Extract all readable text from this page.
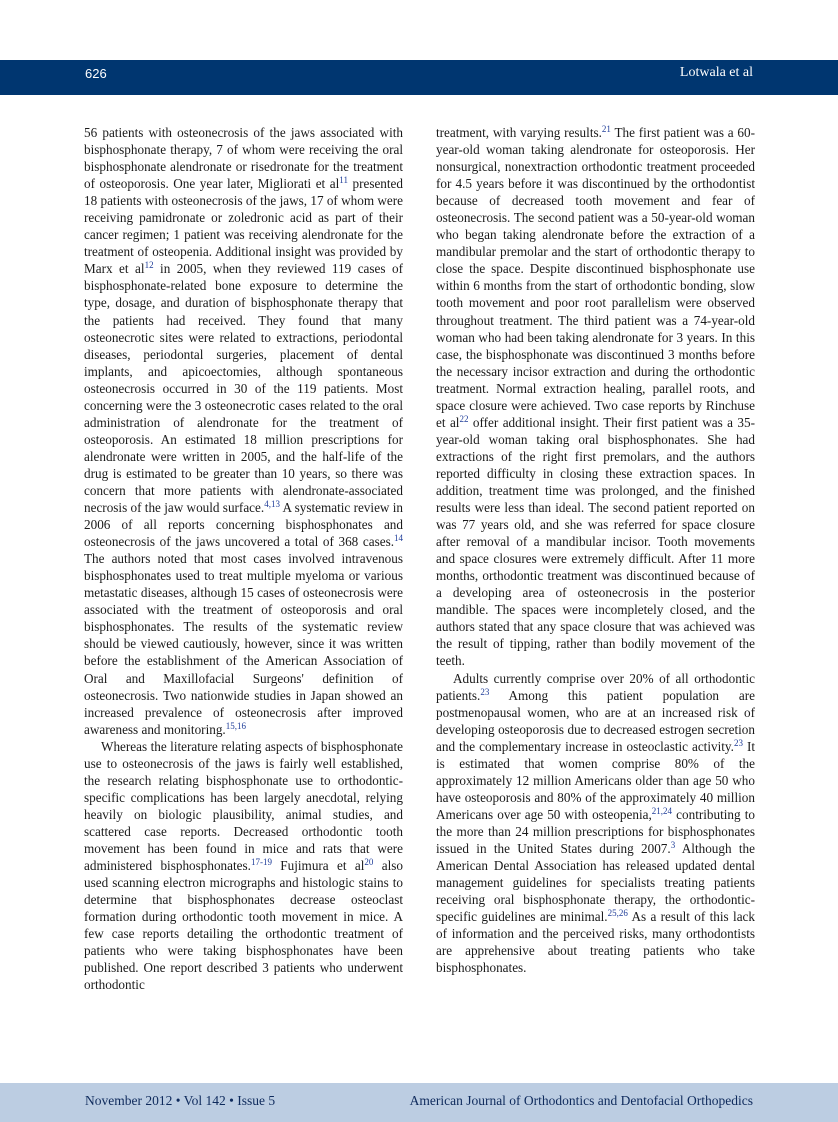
626	Lotwala et al

56 patients with osteonecrosis of the jaws associated with bisphosphonate therapy, 7 of whom were receiving the oral bisphosphonate alendronate or risedronate for the treatment of osteoporosis. One year later, Migliorati et al$^{11}$ presented 18 patients with osteonecrosis of the jaws, 17 of whom were receiving pamidronate or zoledronic acid as part of their cancer regimen; 1 patient was receiving alendronate for the treatment of osteopenia. Additional insight was provided by Marx et al$^{12}$ in 2005, when they reviewed 119 cases of bisphosphonate-related bone exposure to determine the type, dosage, and duration of bisphosphonate therapy that the patients had received. They found that many osteonecrotic sites were related to extractions, periodontal diseases, periodontal surgeries, placement of dental implants, and apicoectomies, although spontaneous osteonecrosis occurred in 30 of the 119 patients. Most concerning were the 3 osteonecrotic cases related to the oral administration of alendronate for the treatment of osteoporosis. An estimated 18 million prescriptions for alendronate were written in 2005, and the half-life of the drug is estimated to be greater than 10 years, so there was concern that more patients with alendronate-associated necrosis of the jaw would surface.$^{4,13}$ A systematic review in 2006 of all reports concerning bisphosphonates and osteonecrosis of the jaws uncovered a total of 368 cases.$^{14}$ The authors noted that most cases involved intravenous bisphosphonates used to treat multiple myeloma or various metastatic diseases, although 15 cases of osteonecrosis were associated with the treatment of osteoporosis and oral bisphosphonates. The results of the systematic review should be viewed cautiously, however, since it was written before the establishment of the American Association of Oral and Maxillofacial Surgeons' definition of osteonecrosis. Two nationwide studies in Japan showed an increased prevalence of osteonecrosis after improved awareness and monitoring.$^{15,16}$

Whereas the literature relating aspects of bisphosphonate use to osteonecrosis of the jaws is fairly well established, the research relating bisphosphonate use to orthodontic-specific complications has been largely anecdotal, relying heavily on biologic plausibility, animal studies, and scattered case reports. Decreased orthodontic tooth movement has been found in mice and rats that were administered bisphosphonates.$^{17-19}$ Fujimura et al$^{20}$ also used scanning electron micrographs and histologic stains to determine that bisphosphonates decrease osteoclast formation during orthodontic tooth movement in mice. A few case reports detailing the orthodontic treatment of patients who were taking bisphosphonates have been published. One report described 3 patients who underwent orthodontic

treatment, with varying results.$^{21}$ The first patient was a 60-year-old woman taking alendronate for osteoporosis. Her nonsurgical, nonextraction orthodontic treatment proceeded for 4.5 years before it was discontinued by the orthodontist because of decreased tooth movement and fear of osteonecrosis. The second patient was a 50-year-old woman who began taking alendronate before the extraction of a mandibular premolar and the start of orthodontic therapy to close the space. Despite discontinued bisphosphonate use within 6 months from the start of orthodontic bonding, slow tooth movement and poor root parallelism were observed throughout treatment. The third patient was a 74-year-old woman who had been taking alendronate for 3 years. In this case, the bisphosphonate was discontinued 3 months before the necessary incisor extraction and during the orthodontic treatment. Normal extraction healing, parallel roots, and space closure were achieved. Two case reports by Rinchuse et al$^{22}$ offer additional insight. Their first patient was a 35-year-old woman taking oral bisphosphonates. She had extractions of the right first premolars, and the authors reported difficulty in closing these extraction spaces. In addition, treatment time was prolonged, and the finished results were less than ideal. The second patient reported on was 77 years old, and she was referred for space closure after removal of a mandibular incisor. Tooth movements and space closures were extremely difficult. After 11 more months, orthodontic treatment was discontinued because of a developing area of osteonecrosis in the posterior mandible. The spaces were incompletely closed, and the authors stated that any space closure that was achieved was the result of tipping, rather than bodily movement of the teeth.

Adults currently comprise over 20% of all orthodontic patients.$^{23}$ Among this patient population are postmenopausal women, who are at an increased risk of developing osteoporosis due to decreased estrogen secretion and the complementary increase in osteoclastic activity.$^{23}$ It is estimated that women comprise 80% of the approximately 12 million Americans older than age 50 who have osteoporosis and 80% of the approximately 40 million Americans over age 50 with osteopenia,$^{21,24}$ contributing to the more than 24 million prescriptions for bisphosphonates issued in the United States during 2007.$^3$ Although the American Dental Association has released updated dental management guidelines for specialists treating patients receiving oral bisphosphonate therapy, the orthodontic-specific guidelines are minimal.$^{25,26}$ As a result of this lack of information and the perceived risks, many orthodontists are apprehensive about treating patients who take bisphosphonates.

November 2012 • Vol 142 • Issue 5	American Journal of Orthodontics and Dentofacial Orthopedics
